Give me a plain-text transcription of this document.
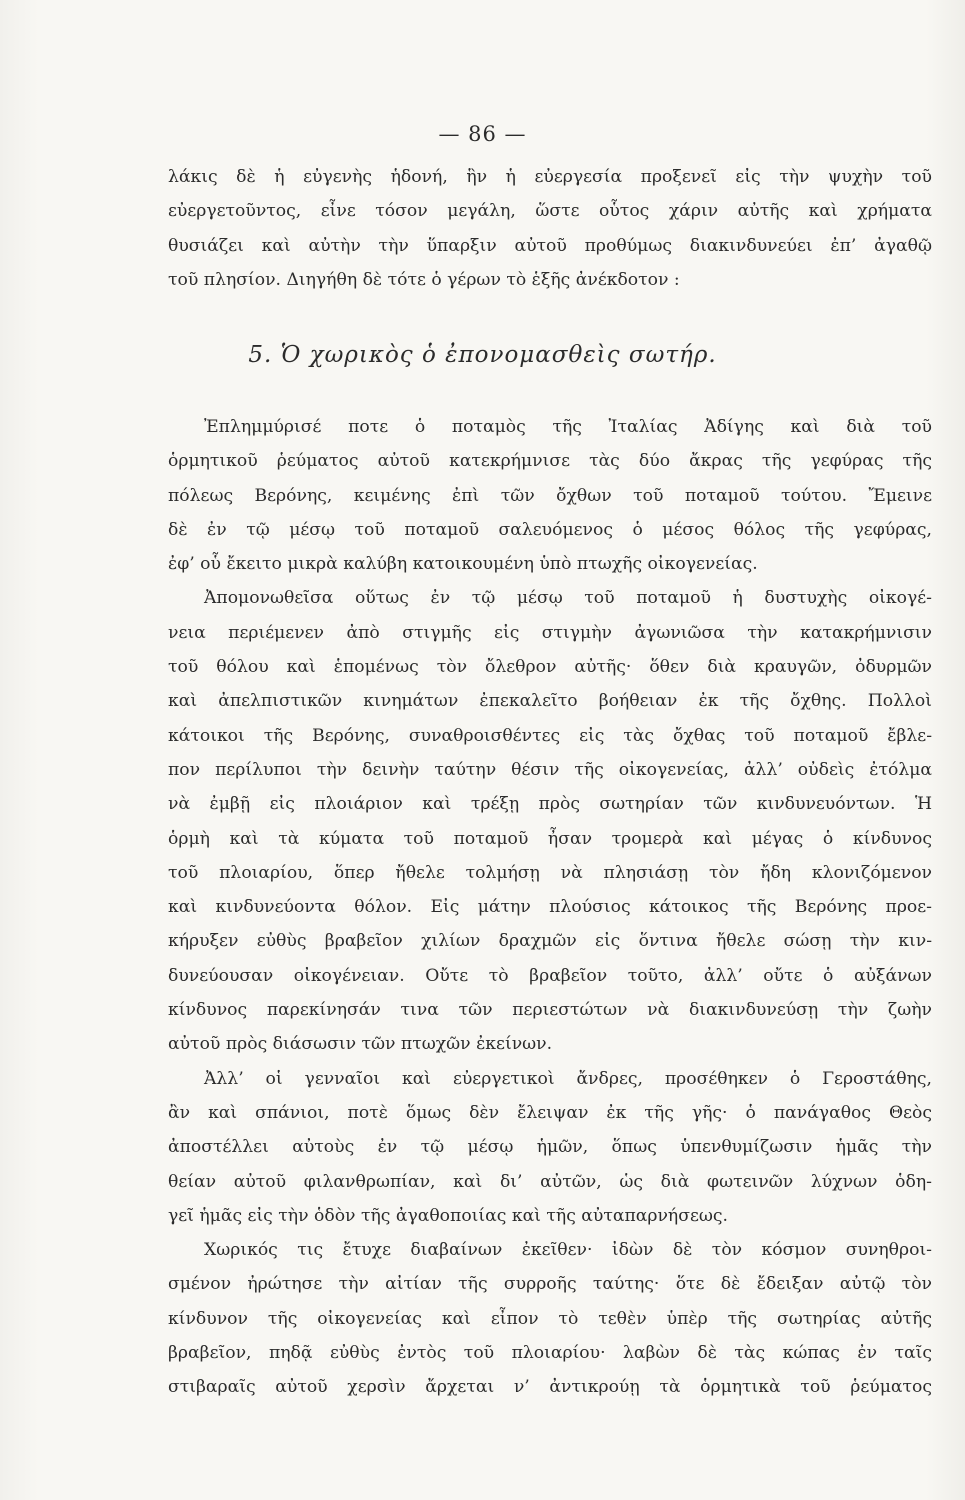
— 86 —
λάκις δὲ ἡ εὐγενὴς ἡδονή, ἣν ἡ εὐεργεσία προξενεῖ εἰς τὴν ψυχὴν τοῦ
εὐεργετοῦντος, εἶνε τόσον μεγάλη, ὥστε οὗτος χάριν αὐτῆς καὶ χρήματα
θυσιάζει καὶ αὐτὴν τὴν ὕπαρξιν αὐτοῦ προθύμως διακινδυνεύει ἐπ’ ἀγαθῷ
τοῦ πλησίον. Διηγήθη δὲ τότε ὁ γέρων τὸ ἑξῆς ἀνέκδοτον :
5. Ὁ χωρικὸς ὁ ἐπονομασθεὶς σωτήρ.
Ἐπλημμύρισέ ποτε ὁ ποταμὸς τῆς Ἰταλίας Ἀδίγης καὶ διὰ τοῦ
ὁρμητικοῦ ῥεύματος αὐτοῦ κατεκρήμνισε τὰς δύο ἄκρας τῆς γεφύρας τῆς
πόλεως Βερόνης, κειμένης ἐπὶ τῶν ὄχθων τοῦ ποταμοῦ τούτου. Ἔμεινε
δὲ ἐν τῷ μέσῳ τοῦ ποταμοῦ σαλευόμενος ὁ μέσος θόλος τῆς γεφύρας,
ἐφ’ οὗ ἔκειτο μικρὰ καλύβη κατοικουμένη ὑπὸ πτωχῆς οἰκογενείας.
Ἀπομονωθεῖσα οὕτως ἐν τῷ μέσῳ τοῦ ποταμοῦ ἡ δυστυχὴς οἰκογέ-
νεια περιέμενεν ἀπὸ στιγμῆς εἰς στιγμὴν ἀγωνιῶσα τὴν κατακρήμνισιν
τοῦ θόλου καὶ ἑπομένως τὸν ὄλεθρον αὐτῆς· ὅθεν διὰ κραυγῶν, ὀδυρμῶν
καὶ ἀπελπιστικῶν κινημάτων ἐπεκαλεῖτο βοήθειαν ἐκ τῆς ὄχθης. Πολλοὶ
κάτοικοι τῆς Βερόνης, συναθροισθέντες εἰς τὰς ὄχθας τοῦ ποταμοῦ ἔβλε-
πον περίλυποι τὴν δεινὴν ταύτην θέσιν τῆς οἰκογενείας, ἀλλ’ οὐδεὶς ἐτόλμα
νὰ ἐμβῇ εἰς πλοιάριον καὶ τρέξῃ πρὸς σωτηρίαν τῶν κινδυνευόντων. Ἡ
ὁρμὴ καὶ τὰ κύματα τοῦ ποταμοῦ ἦσαν τρομερὰ καὶ μέγας ὁ κίνδυνος
τοῦ πλοιαρίου, ὅπερ ἤθελε τολμήσῃ νὰ πλησιάσῃ τὸν ἤδη κλονιζόμενον
καὶ κινδυνεύοντα θόλον. Εἰς μάτην πλούσιος κάτοικος τῆς Βερόνης προε-
κήρυξεν εὐθὺς βραβεῖον χιλίων δραχμῶν εἰς ὅντινα ἤθελε σώσῃ τὴν κιν-
δυνεύουσαν οἰκογένειαν. Οὔτε τὸ βραβεῖον τοῦτο, ἀλλ’ οὔτε ὁ αὐξάνων
κίνδυνος παρεκίνησάν τινα τῶν περιεστώτων νὰ διακινδυνεύσῃ τὴν ζωὴν
αὐτοῦ πρὸς διάσωσιν τῶν πτωχῶν ἐκείνων.
Ἀλλ’ οἱ γενναῖοι καὶ εὐεργετικοὶ ἄνδρες, προσέθηκεν ὁ Γεροστάθης,
ἂν καὶ σπάνιοι, ποτὲ ὅμως δὲν ἔλειψαν ἐκ τῆς γῆς· ὁ πανάγαθος Θεὸς
ἀποστέλλει αὐτοὺς ἐν τῷ μέσῳ ἡμῶν, ὅπως ὑπενθυμίζωσιν ἡμᾶς τὴν
θείαν αὐτοῦ φιλανθρωπίαν, καὶ δι’ αὐτῶν, ὡς διὰ φωτεινῶν λύχνων ὁδη-
γεῖ ἡμᾶς εἰς τὴν ὁδὸν τῆς ἀγαθοποιίας καὶ τῆς αὐταπαρνήσεως.
Χωρικός τις ἔτυχε διαβαίνων ἐκεῖθεν· ἰδὼν δὲ τὸν κόσμον συνηθροι-
σμένον ἠρώτησε τὴν αἰτίαν τῆς συρροῆς ταύτης· ὅτε δὲ ἔδειξαν αὐτῷ τὸν
κίνδυνον τῆς οἰκογενείας καὶ εἶπον τὸ τεθὲν ὑπὲρ τῆς σωτηρίας αὐτῆς
βραβεῖον, πηδᾷ εὐθὺς ἐντὸς τοῦ πλοιαρίου· λαβὼν δὲ τὰς κώπας ἐν ταῖς
στιβαραῖς αὐτοῦ χερσὶν ἄρχεται ν’ ἀντικρούῃ τὰ ὁρμητικὰ τοῦ ῥεύματος
